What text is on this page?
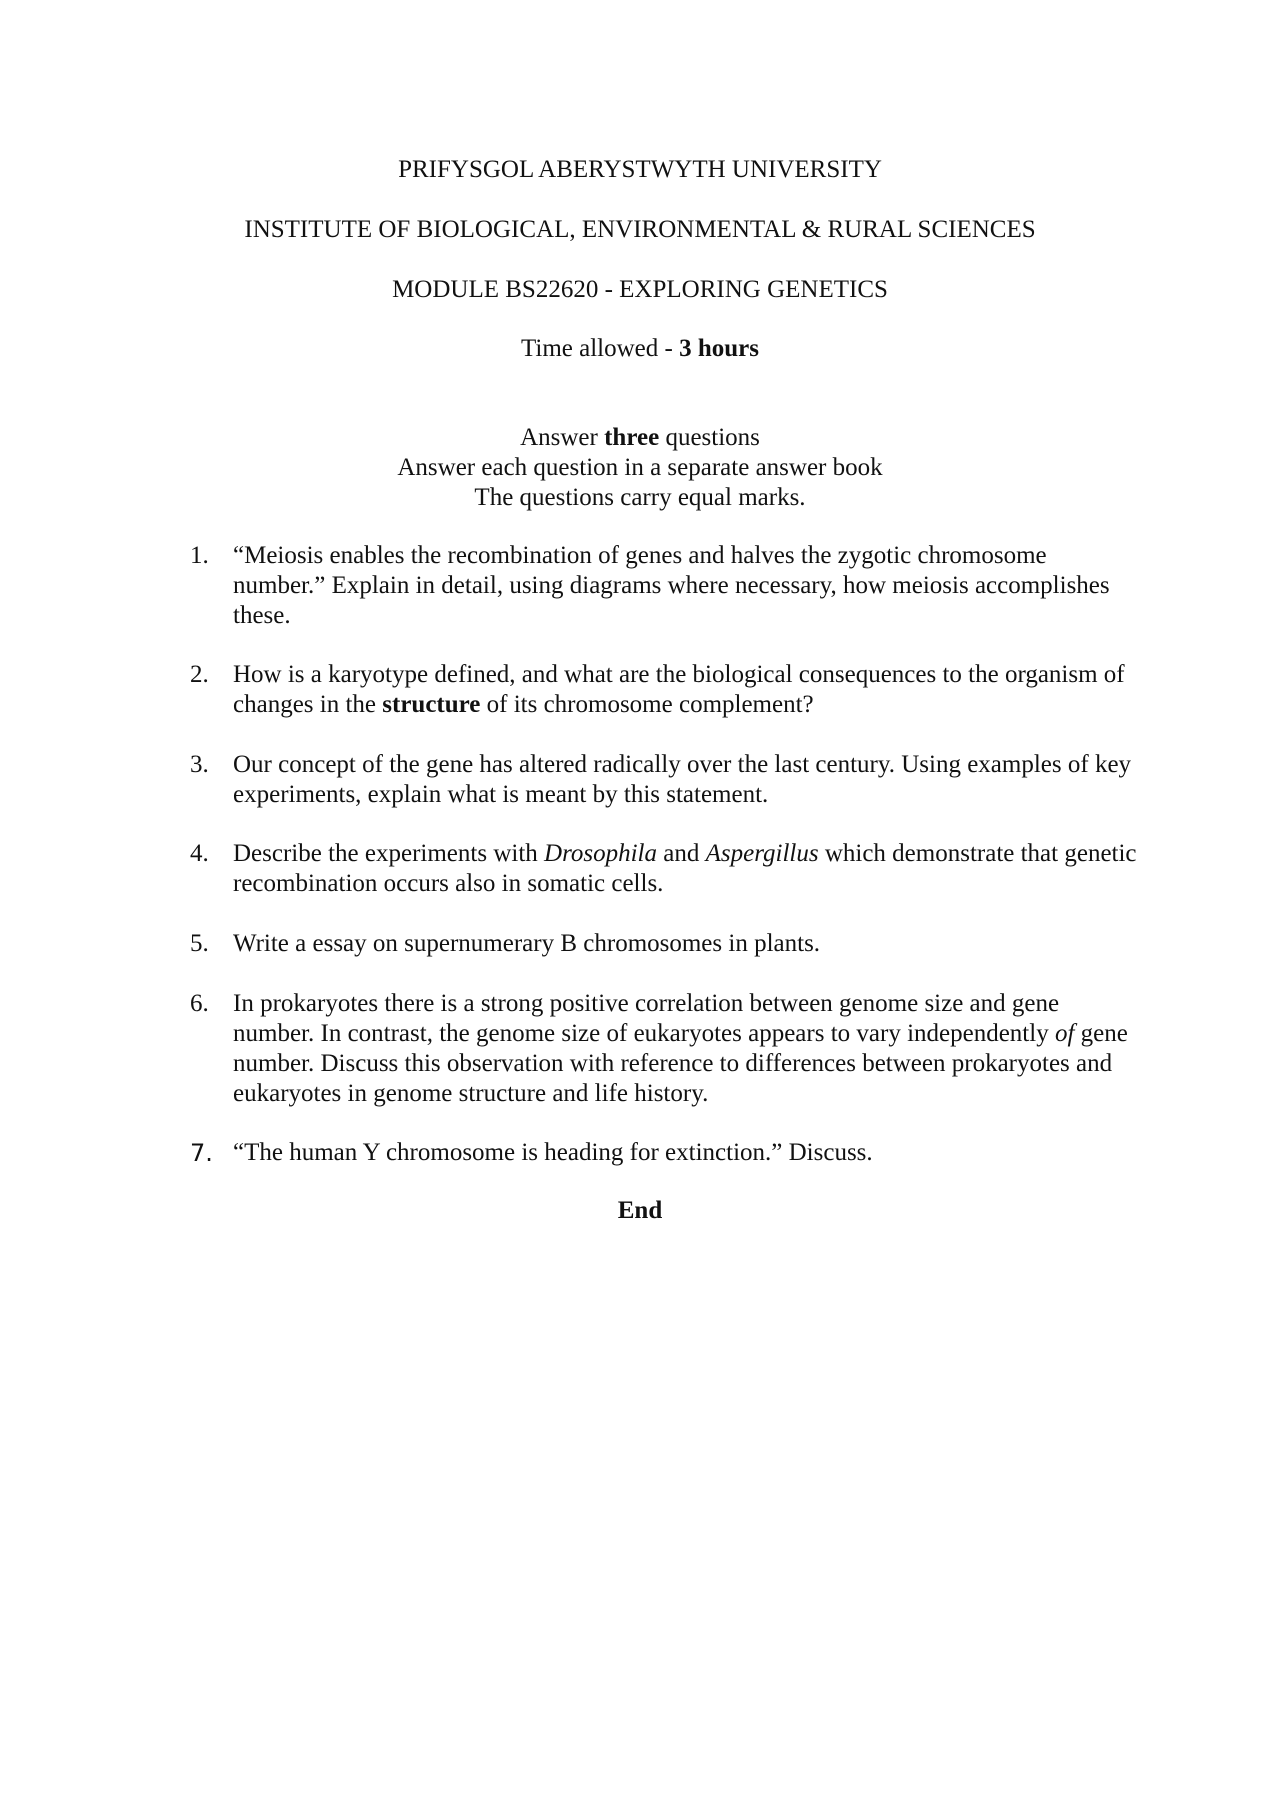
PRIFYSGOL ABERYSTWYTH UNIVERSITY
INSTITUTE OF BIOLOGICAL, ENVIRONMENTAL & RURAL SCIENCES
MODULE BS22620 - EXPLORING GENETICS
Time allowed - 3 hours
Answer three questions
Answer each question in a separate answer book
The questions carry equal marks.
1. “Meiosis enables the recombination of genes and halves the zygotic chromosome number.” Explain in detail, using diagrams where necessary, how meiosis accomplishes these.
2. How is a karyotype defined, and what are the biological consequences to the organism of changes in the structure of its chromosome complement?
3. Our concept of the gene has altered radically over the last century. Using examples of key experiments, explain what is meant by this statement.
4. Describe the experiments with Drosophila and Aspergillus which demonstrate that genetic recombination occurs also in somatic cells.
5. Write a essay on supernumerary B chromosomes in plants.
6. In prokaryotes there is a strong positive correlation between genome size and gene number. In contrast, the genome size of eukaryotes appears to vary independently of gene number. Discuss this observation with reference to differences between prokaryotes and eukaryotes in genome structure and life history.
7. “The human Y chromosome is heading for extinction.” Discuss.
End
